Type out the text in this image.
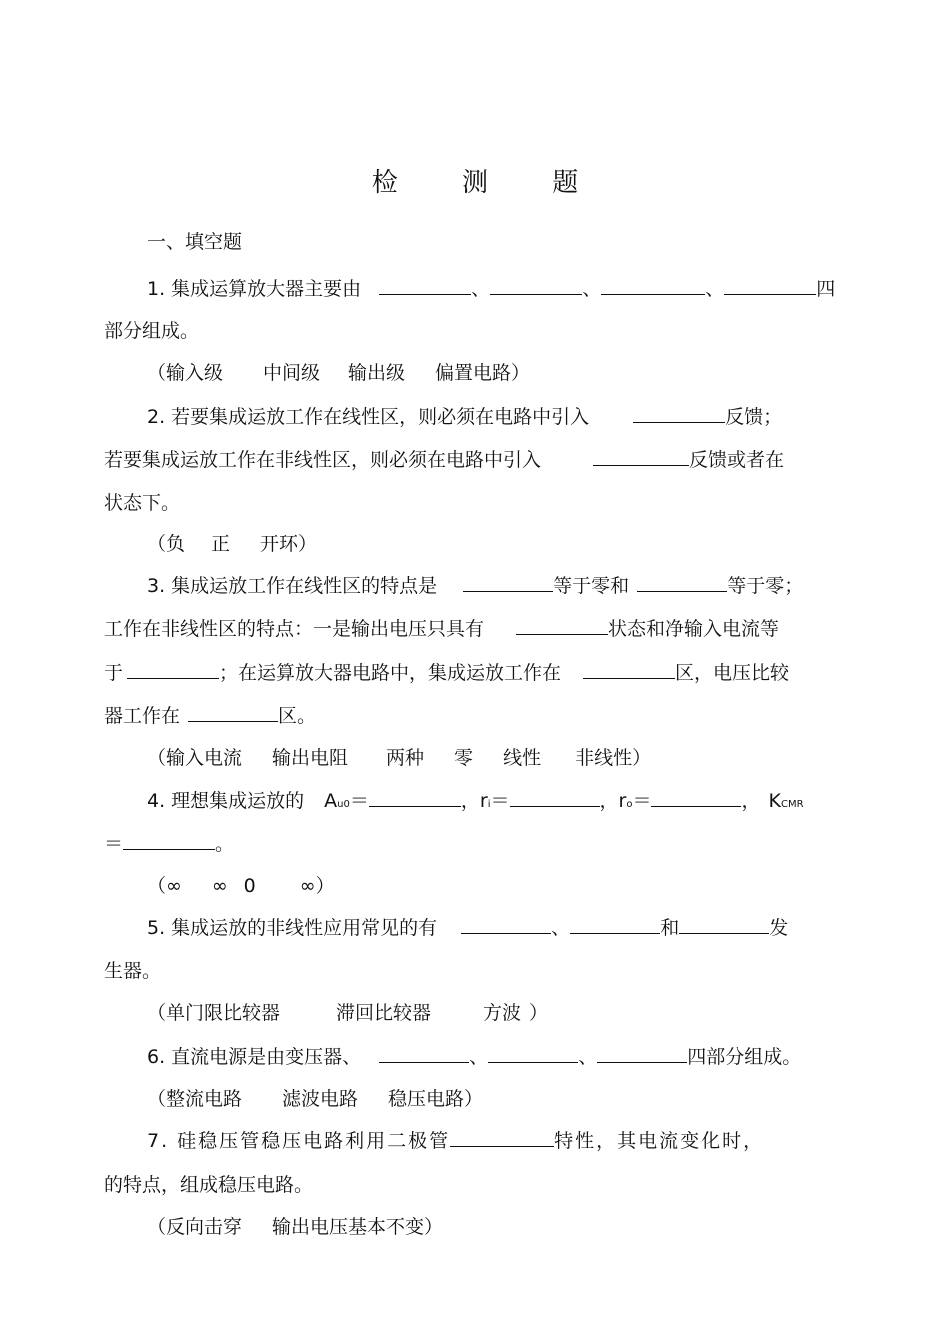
检 测 题
一、填空题
1. 集成运算放大器主要由	、	、	、	四
部分组成。
（输入级 中间级 输出级 偏置电路）
2. 若要集成运放工作在线性区，则必须在电路中引入	反馈；
若要集成运放工作在非线性区，则必须在电路中引入	反馈或者在
状态下。
（负 正 开环）
3. 集成运放工作在线性区的特点是	等于零和	等于零；
工作在非线性区的特点：一是输出电压只具有	状态和净输入电流等
于	；在运算放大器电路中，集成运放工作在	区，电压比较
器工作在	区。
（输入电流 输出电阻 两种 零 线性 非线性）
4. 理想集成运放的 Au0＝	，ri＝	，ro＝	， KCMR
＝	。
（∞ ∞ 0 ∞）
5. 集成运放的非线性应用常见的有	、	和	发
生器。
（单门限比较器	滞回比较器	方波 ）
6. 直流电源是由变压器、	、	、	四部分组成。
（整流电路 滤波电路 稳压电路）
7. 硅稳压管稳压电路利用二极管	特性，其电流变化时，
的特点，组成稳压电路。
（反向击穿 输出电压基本不变）
